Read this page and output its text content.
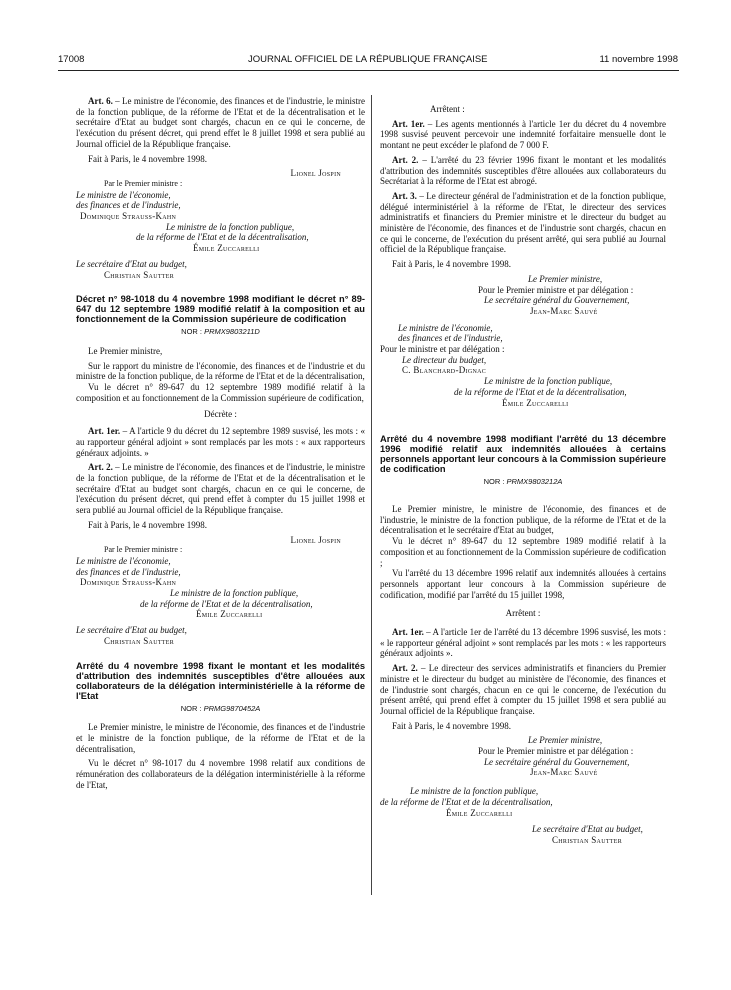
17008	JOURNAL OFFICIEL DE LA RÉPUBLIQUE FRANÇAISE	11 novembre 1998

Art. 6. – Le ministre de l'économie, des finances et de l'industrie, le ministre de la fonction publique, de la réforme de l'Etat et de la décentralisation et le secrétaire d'Etat au budget sont chargés, chacun en ce qui le concerne, de l'exécution du présent décret, qui prend effet le 8 juillet 1998 et sera publié au Journal officiel de la République française.

Fait à Paris, le 4 novembre 1998.

Lionel Jospin

Par le Premier ministre :

Le ministre de l'économie,

des finances et de l'industrie,

Dominique Strauss-Kahn

Le ministre de la fonction publique,

de la réforme de l'Etat et de la décentralisation,

Émile Zuccarelli

Le secrétaire d'Etat au budget,

Christian Sautter

Décret n° 98-1018 du 4 novembre 1998 modifiant le décret n° 89-647 du 12 septembre 1989 modifié relatif à la composition et au fonctionnement de la Commission supérieure de codification

NOR : PRMX9803211D

Le Premier ministre,

Sur le rapport du ministre de l'économie, des finances et de l'industrie et du ministre de la fonction publique, de la réforme de l'Etat et de la décentralisation,

Vu le décret n° 89-647 du 12 septembre 1989 modifié relatif à la composition et au fonctionnement de la Commission supérieure de codification,

Décrète :

Art. 1er. – A l'article 9 du décret du 12 septembre 1989 susvisé, les mots : « au rapporteur général adjoint » sont remplacés par les mots : « aux rapporteurs généraux adjoints. »

Art. 2. – Le ministre de l'économie, des finances et de l'industrie, le ministre de la fonction publique, de la réforme de l'Etat et de la décentralisation et le secrétaire d'Etat au budget sont chargés, chacun en ce qui le concerne, de l'exécution du présent décret, qui prend effet à compter du 15 juillet 1998 et sera publié au Journal officiel de la République française.

Fait à Paris, le 4 novembre 1998.

Lionel Jospin

Par le Premier ministre :

Le ministre de l'économie,

des finances et de l'industrie,

Dominique Strauss-Kahn

Le ministre de la fonction publique,

de la réforme de l'Etat et de la décentralisation,

Émile Zuccarelli

Le secrétaire d'Etat au budget,

Christian Sautter

Arrêté du 4 novembre 1998 fixant le montant et les modalités d'attribution des indemnités susceptibles d'être allouées aux collaborateurs de la délégation interministérielle à la réforme de l'Etat

NOR : PRMG9870452A

Le Premier ministre, le ministre de l'économie, des finances et de l'industrie et le ministre de la fonction publique, de la réforme de l'Etat et de la décentralisation,

Vu le décret n° 98-1017 du 4 novembre 1998 relatif aux conditions de rémunération des collaborateurs de la délégation interministérielle à la réforme de l'Etat,

Arrêtent :

Art. 1er. – Les agents mentionnés à l'article 1er du décret du 4 novembre 1998 susvisé peuvent percevoir une indemnité forfaitaire mensuelle dont le montant ne peut excéder le plafond de 7 000 F.

Art. 2. – L'arrêté du 23 février 1996 fixant le montant et les modalités d'attribution des indemnités susceptibles d'être allouées aux collaborateurs du Secrétariat à la réforme de l'Etat est abrogé.

Art. 3. – Le directeur général de l'administration et de la fonction publique, délégué interministériel à la réforme de l'Etat, le directeur des services administratifs et financiers du Premier ministre et le directeur du budget au ministère de l'économie, des finances et de l'industrie sont chargés, chacun en ce qui le concerne, de l'exécution du présent arrêté, qui sera publié au Journal officiel de la République française.

Fait à Paris, le 4 novembre 1998.

Le Premier ministre,

Pour le Premier ministre et par délégation :

Le secrétaire général du Gouvernement,

Jean-Marc Sauvé

Le ministre de l'économie,

des finances et de l'industrie,

Pour le ministre et par délégation :

Le directeur du budget,

C. Blanchard-Dignac

Le ministre de la fonction publique,

de la réforme de l'Etat et de la décentralisation,

Émile Zuccarelli

Arrêté du 4 novembre 1998 modifiant l'arrêté du 13 décembre 1996 modifié relatif aux indemnités allouées à certains personnels apportant leur concours à la Commission supérieure de codification

NOR : PRMX9803212A

Le Premier ministre, le ministre de l'économie, des finances et de l'industrie, le ministre de la fonction publique, de la réforme de l'Etat et de la décentralisation et le secrétaire d'Etat au budget,

Vu le décret n° 89-647 du 12 septembre 1989 modifié relatif à la composition et au fonctionnement de la Commission supérieure de codification ;

Vu l'arrêté du 13 décembre 1996 relatif aux indemnités allouées à certains personnels apportant leur concours à la Commission supérieure de codification, modifié par l'arrêté du 15 juillet 1998,

Arrêtent :

Art. 1er. – A l'article 1er de l'arrêté du 13 décembre 1996 susvisé, les mots : « le rapporteur général adjoint » sont remplacés par les mots : « les rapporteurs généraux adjoints ».

Art. 2. – Le directeur des services administratifs et financiers du Premier ministre et le directeur du budget au ministère de l'économie, des finances et de l'industrie sont chargés, chacun en ce qui le concerne, de l'exécution du présent arrêté, qui prend effet à compter du 15 juillet 1998 et sera publié au Journal officiel de la République française.

Fait à Paris, le 4 novembre 1998.

Le Premier ministre,

Pour le Premier ministre et par délégation :

Le secrétaire général du Gouvernement,

Jean-Marc Sauvé

Le ministre de la fonction publique,

de la réforme de l'Etat et de la décentralisation,

Émile Zuccarelli

Le secrétaire d'Etat au budget,

Christian Sautter
